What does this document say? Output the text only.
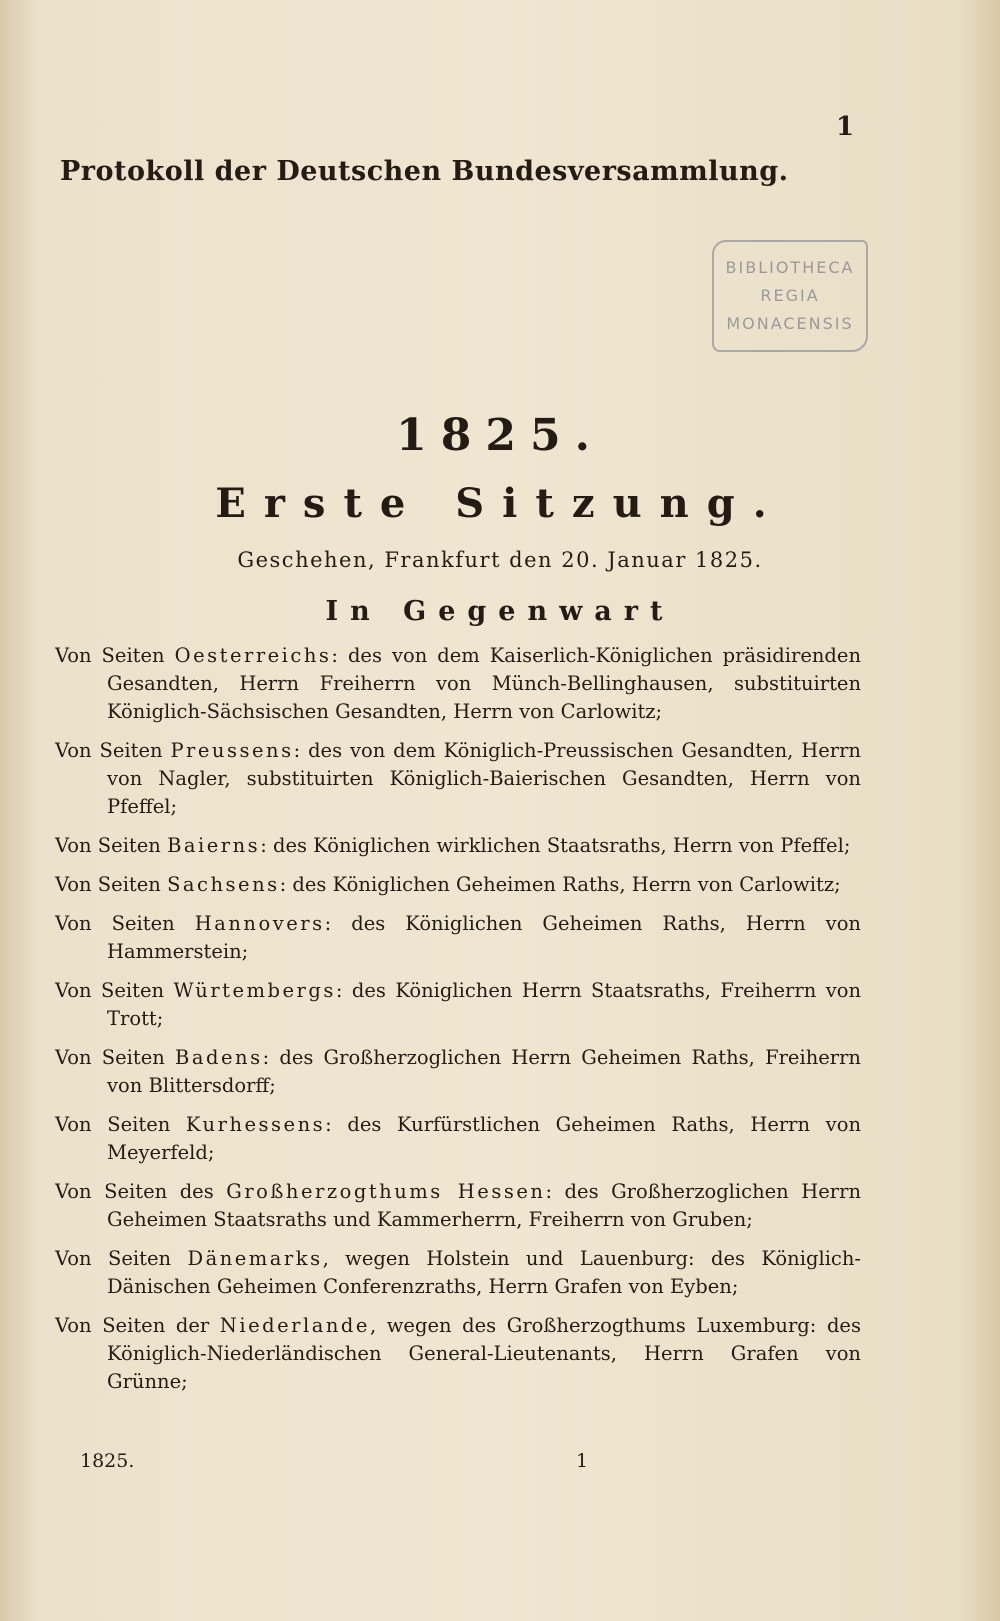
1
Protokoll der Deutschen Bundesversammlung.
BIBLIOTHECA
REGIA
MONACENSIS
1825.
Erste Sitzung.
Geschehen, Frankfurt den 20. Januar 1825.
In Gegenwart

Von Seiten Oesterreichs: des von dem Kaiserlich-Königlichen präsidirenden Gesandten, Herrn Freiherrn von Münch-Bellinghausen, substituirten Königlich-Sächsischen Gesandten, Herrn von Carlowitz;

Von Seiten Preussens: des von dem Königlich-Preussischen Gesandten, Herrn von Nagler, substituirten Königlich-Baierischen Gesandten, Herrn von Pfeffel;

Von Seiten Baierns: des Königlichen wirklichen Staatsraths, Herrn von Pfeffel;

Von Seiten Sachsens: des Königlichen Geheimen Raths, Herrn von Carlowitz;

Von Seiten Hannovers: des Königlichen Geheimen Raths, Herrn von Hammerstein;

Von Seiten Würtembergs: des Königlichen Herrn Staatsraths, Freiherrn von Trott;

Von Seiten Badens: des Großherzoglichen Herrn Geheimen Raths, Freiherrn von Blittersdorff;

Von Seiten Kurhessens: des Kurfürstlichen Geheimen Raths, Herrn von Meyerfeld;

Von Seiten des Großherzogthums Hessen: des Großherzoglichen Herrn Geheimen Staatsraths und Kammerherrn, Freiherrn von Gruben;

Von Seiten Dänemarks, wegen Holstein und Lauenburg: des Königlich-Dänischen Geheimen Conferenzraths, Herrn Grafen von Eyben;

Von Seiten der Niederlande, wegen des Großherzogthums Luxemburg: des Königlich-Niederländischen General-Lieutenants, Herrn Grafen von Grünne;

1825.	1
